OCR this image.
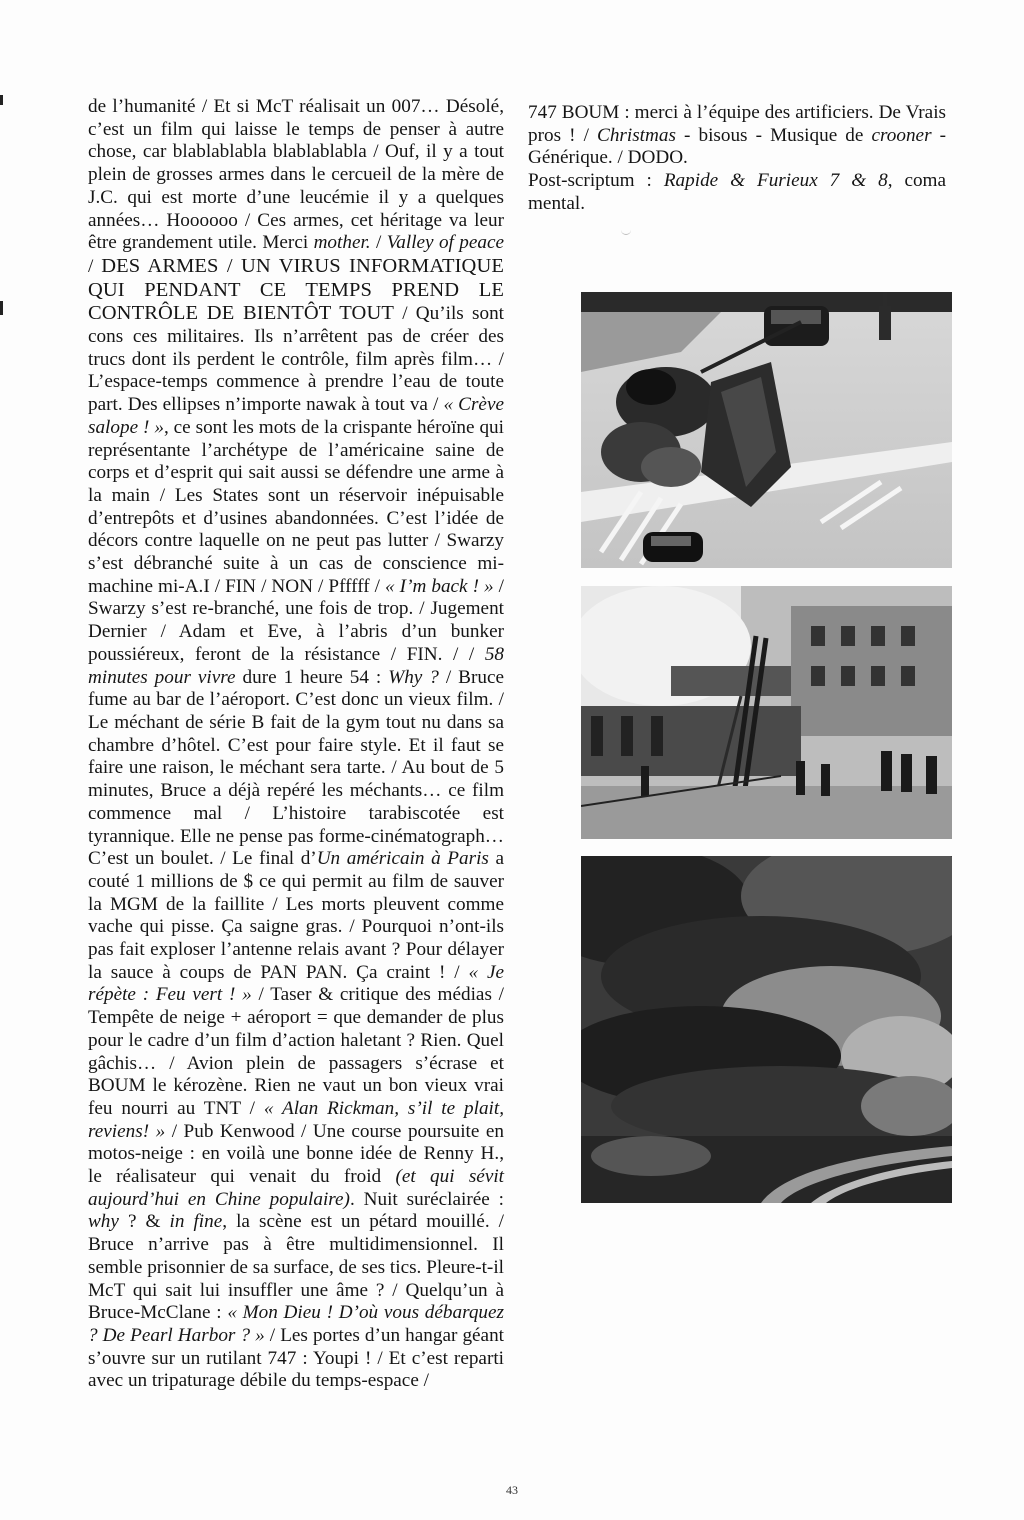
de l’humanité / Et si McT réalisait un 007… Désolé, c’est un film qui laisse le temps de penser à autre chose, car blablablabla blablablabla / Ouf, il y a tout plein de grosses armes dans le cercueil de la mère de J.C. qui est morte d’une leucémie il y a quelques années… Hoooooo / Ces armes, cet héritage va leur être grandement utile. Merci mother. / Valley of peace / DES ARMES / UN VIRUS INFORMATIQUE QUI PENDANT CE TEMPS PREND LE CONTRÔLE DE BIENTÔT TOUT / Qu’ils sont cons ces militaires. Ils n’arrêtent pas de créer des trucs dont ils perdent le contrôle, film après film… / L’espace-temps commence à prendre l’eau de toute part. Des ellipses n’importe nawak à tout va / « Crève salope ! », ce sont les mots de la crispante héroïne qui représentante l’archétype de l’américaine saine de corps et d’esprit qui sait aussi se défendre une arme à la main / Les States sont un réservoir inépuisable d’entrepôts et d’usines abandonnées. C’est l’idée de décors contre laquelle on ne peut pas lutter / Swarzy s’est débranché suite à un cas de conscience mi-machine mi-A.I / FIN / NON / Pfffff / « I’m back ! » / Swarzy s’est re-branché, une fois de trop. / Jugement Dernier / Adam et Eve, à l’abris d’un bunker poussiéreux, feront de la résistance / FIN. / / 58 minutes pour vivre dure 1 heure 54 : Why ? / Bruce fume au bar de l’aéroport. C’est donc un vieux film. / Le méchant de série B fait de la gym tout nu dans sa chambre d’hôtel. C’est pour faire style. Et il faut se faire une raison, le méchant sera tarte. / Au bout de 5 minutes, Bruce a déjà repéré les méchants… ce film commence mal / L’histoire tarabiscotée est tyrannique. Elle ne pense pas forme-cinématograph… C’est un boulet. / Le final d’Un américain à Paris a couté 1 millions de $ ce qui permit au film de sauver la MGM de la faillite / Les morts pleuvent comme vache qui pisse. Ça saigne gras. / Pourquoi n’ont-ils pas fait exploser l’antenne relais avant ? Pour délayer la sauce à coups de PAN PAN. Ça craint ! / « Je répète : Feu vert ! » / Taser & critique des médias / Tempête de neige + aéroport = que demander de plus pour le cadre d’un film d’action haletant ? Rien. Quel gâchis… / Avion plein de passagers s’écrase et BOUM le kérozène. Rien ne vaut un bon vieux vrai feu nourri au TNT / « Alan Rickman, s’il te plait, reviens! » / Pub Kenwood / Une course poursuite en motos-neige : en voilà une bonne idée de Renny H., le réalisateur qui venait du froid (et qui sévit aujourd’hui en Chine populaire). Nuit suréclairée : why ? & in fine, la scène est un pétard mouillé. / Bruce n’arrive pas à être multidimensionnel. Il semble prisonnier de sa surface, de ses tics. Pleure-t-il McT qui sait lui insuffler une âme ? / Quelqu’un à Bruce-McClane : « Mon Dieu ! D’où vous débarquez ? De Pearl Harbor ? » / Les portes d’un hangar géant s’ouvre sur un rutilant 747 : Youpi ! / Et c’est reparti avec un tripaturage débile du temps-espace /

747 BOUM : merci à l’équipe des artificiers. De Vrais pros ! / Christmas - bisous - Musique de crooner - Générique. / DODO.

Post-scriptum : Rapide & Furieux 7 & 8, coma mental.

43
